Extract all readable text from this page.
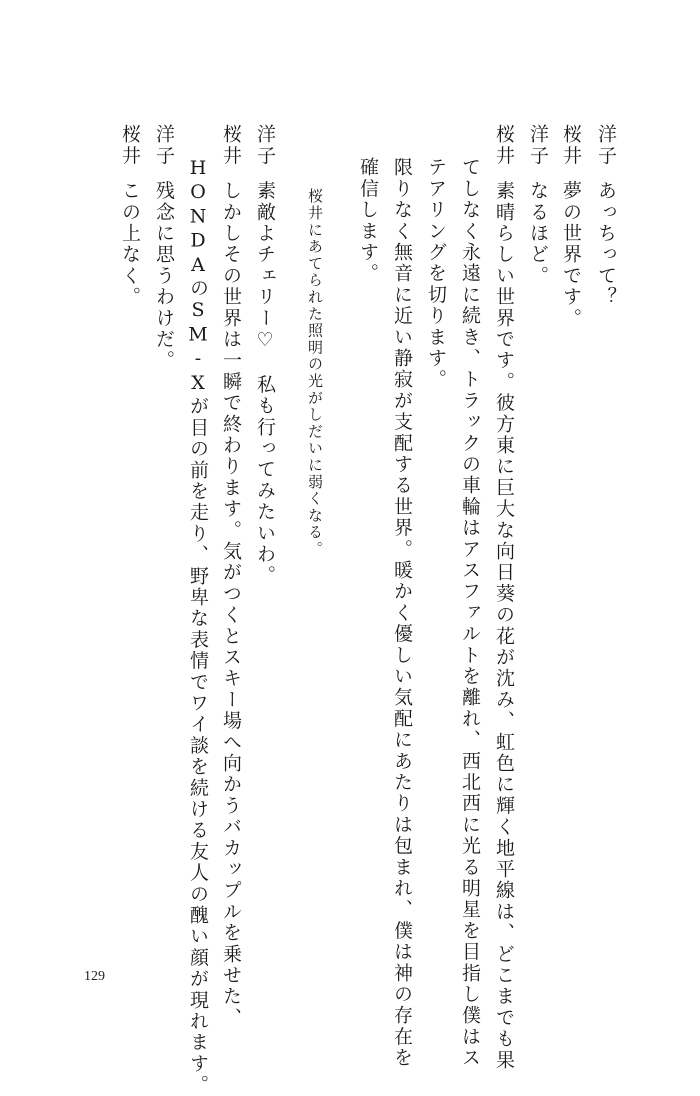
洋子あっちって？
桜井夢の世界です。
洋子なるほど。
桜井素晴らしい世界です。彼方東に巨大な向日葵の花が沈み、虹色に輝く地平線は、どこまでも果
てしなく永遠に続き、トラックの車輪はアスファルトを離れ、西北西に光る明星を目指し僕はス
テアリングを切ります。
限りなく無音に近い静寂が支配する世界。暖かく優しい気配にあたりは包まれ、僕は神の存在を
確信します。
桜井にあてられた照明の光がしだいに弱くなる。
洋子素敵よチェリー♡　私も行ってみたいわ。
桜井しかしその世界は一瞬で終わります。気がつくとスキー場へ向かうバカップルを乗せた、
HONDAのSM-Xが目の前を走り、野卑な表情でワイ談を続ける友人の醜い顔が現れます。
洋子残念に思うわけだ。
桜井この上なく。
129
